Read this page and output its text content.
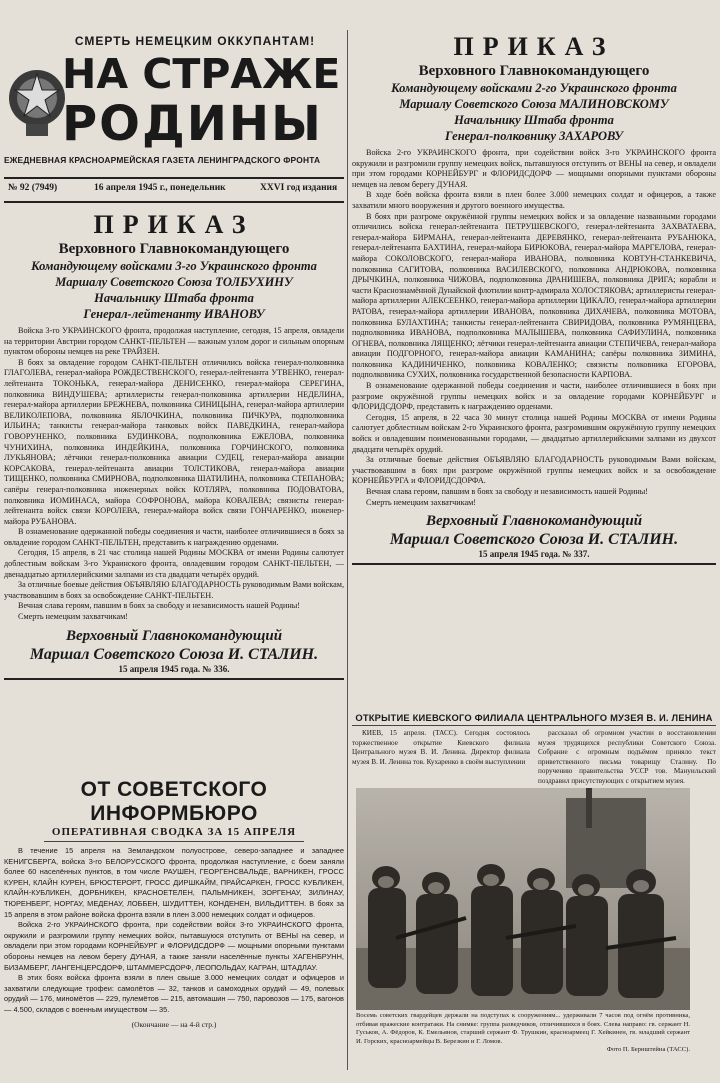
СМЕРТЬ НЕМЕЦКИМ ОККУПАНТАМ!
НА СТРАЖЕ
РОДИНЫ
ЕЖЕДНЕВНАЯ КРАСНОАРМЕЙСКАЯ ГАЗЕТА ЛЕНИНГРАДСКОГО ФРОНТА
№ 92 (7949)	16 апреля 1945 г., понедельник	XXVI год издания
ПРИКАЗ
Верховного Главнокомандующего
Командующему войсками 3-го Украинского фронта
Маршалу Советского Союза ТОЛБУХИНУ
Начальнику Штаба фронта
Генерал-лейтенанту ИВАНОВУ

Войска 3-го УКРАИНСКОГО фронта, продолжая наступление, сегодня, 15 апреля, овладели на территории Австрии городом САНКТ-ПЕЛЬТЕН — важным узлом дорог и сильным опорным пунктом обороны немцев на реке ТРАЙЗЕН.

В боях за овладение городом САНКТ-ПЕЛЬТЕН отличились войска генерал-полковника ГЛАГОЛЕВА, генерал-майора РОЖДЕСТВЕНСКОГО, генерал-лейтенанта УТВЕНКО, генерал-лейтенанта ТОКОНЬКА, генерал-майора ДЕНИСЕНКО, генерал-майора СЕРЕГИНА, полковника ВИНДУШЕВА; артиллеристы генерал-полковника артиллерии НЕДЕЛИНА, генерал-майора артиллерии БРЕЖНЕВА, полковника СИНИЦЫНА, генерал-майора артиллерии ВЕЛИКОЛЕПОВА, полковника ЯБЛОЧКИНА, полковника ПИЧКУРА, подполковника ИЛЬИНА; танкисты генерал-майора танковых войск ПАВЕДКИНА, генерал-майора ГОВОРУНЕНКО, полковника БУДИНКОВА, подполковника ЕЖЕЛОВА, полковника ЧУНИХИНА, полковника ИНДЕЙКИНА, полковника ГОРЧИНСКОГО, полковника ЛУКЬЯНОВА; лётчики генерал-полковника авиации СУДЕЦ, генерал-майора авиации КОРСАКОВА, генерал-лейтенанта авиации ТОЛСТИКОВА, генерал-майора авиации ТИЩЕНКО, полковника СМИРНОВА, подполковника ШАТИЛИНА, полковника СТЕПАНОВА; сапёры генерал-полковника инженерных войск КОТЛЯРА, полковника ПОДОВАТОВА, полковника ИОМИНАСА, майора СОФРОНОВА, майора КОВАЛЕВА; связисты генерал-лейтенанта войск связи КОРОЛЕВА, генерал-майора войск связи ГОНЧАРЕНКО, инженер-майора РУБАНОВА.

В ознаменование одержанной победы соединения и части, наиболее отличившиеся в боях за овладение городом САНКТ-ПЕЛЬТЕН, представить к награждению орденами.

Сегодня, 15 апреля, в 21 час столица нашей Родины МОСКВА от имени Родины салютует доблестным войскам 3-го Украинского фронта, овладевшим городом САНКТ-ПЕЛЬТЕН, — двенадцатью артиллерийскими залпами из ста двадцати четырёх орудий.

За отличные боевые действия ОБЪЯВЛЯЮ БЛАГОДАРНОСТЬ руководимым Вами войскам, участвовавшим в боях за освобождение САНКТ-ПЕЛЬТЕН.

Вечная слава героям, павшим в боях за свободу и независимость нашей Родины!

Смерть немецким захватчикам!

Верховный Главнокомандующий
Маршал Советского Союза И. СТАЛИН.
15 апреля 1945 года. № 336.
ОТ СОВЕТСКОГО ИНФОРМБЮРО
ОПЕРАТИВНАЯ СВОДКА ЗА 15 АПРЕЛЯ

В течение 15 апреля на Земландском полуострове, северо-западнее и западнее КЕНИГСБЕРГА, войска 3-го БЕЛОРУССКОГО фронта, продолжая наступление, с боем заняли более 60 населённых пунктов, в том числе РАУШЕН, ГЕОРГЕНСВАЛЬДЕ, ВАРНИКЕН, ГРОСС КУРЕН, КЛАЙН КУРЕН, БРЮСТЕРОРТ, ГРОСС ДИРШКАЙМ, ПРАЙСАРКЕН, ГРОСС КУБЛИКЕН, КЛАЙН-КУБЛИКЕН, ДОРБНИКЕН, КРАСНОЕТЕЛЕН, ПАЛЬМНИКЕН, ЗОРГЕНАУ, ЗИЛИНАУ, ТЮРЕНБЕРГ, НОРГАУ, МЕДЕНАУ, ЛОББЕН, ШУДИТТЕН, КОНДЕНЕН, ВИЛЬДИТТЕН. В боях за 15 апреля в этом районе войска фронта взяли в плен 3.000 немецких солдат и офицеров.

Войска 2-го УКРАИНСКОГО фронта, при содействии войск 3-го УКРАИНСКОГО фронта, окружили и разгромили группу немецких войск, пытавшуюся отступить от ВЕНЫ на север, и овладели при этом городами КОРНЕЙБУРГ и ФЛОРИДСДОРФ — мощными опорными пунктами обороны немцев на левом берегу ДУНАЯ, а также заняли населённые пункты ХАГЕНБРУНН, БИЗАМБЕРГ, ЛАНГЕНЦЕРСДОРФ, ШТАММЕРСДОРФ, ЛЕОПОЛЬДАУ, КАГРАН, ШТАДЛАУ.

В этих боях войска фронта взяли в плен свыше 3.000 немецких солдат и офицеров и захватили следующие трофеи: самолётов — 32, танков и самоходных орудий — 49, полевых орудий — 176, миномётов — 229, пулемётов — 215, автомашин — 750, паровозов — 175, вагонов — 4.500, складов с военным имуществом — 35.

(Окончание — на 4-й стр.)
ПРИКАЗ
Верховного Главнокомандующего
Командующему войсками 2-го Украинского фронта
Маршалу Советского Союза МАЛИНОВСКОМУ
Начальнику Штаба фронта
Генерал-полковнику ЗАХАРОВУ

Войска 2-го УКРАИНСКОГО фронта, при содействии войск 3-го УКРАИНСКОГО фронта окружили и разгромили группу немецких войск, пытавшуюся отступить от ВЕНЫ на север, и овладели при этом городами КОРНЕЙБУРГ и ФЛОРИДСДОРФ — мощными опорными пунктами обороны немцев на левом берегу ДУНАЯ.

В ходе боёв войска фронта взяли в плен более 3.000 немецких солдат и офицеров, а также захватили много вооружения и другого военного имущества.

В боях при разгроме окружённой группы немецких войск и за овладение названными городами отличились войска генерал-лейтенанта ПЕТРУШЕВСКОГО, генерал-лейтенанта ЗАХВАТАЕВА, генерал-майора БИРМАНА, генерал-лейтенанта ДЕРЕВЯНКО, генерал-лейтенанта РУБАНЮКА, генерал-лейтенанта БАХТИНА, генерал-майора БИРЮКОВА, генерал-майора МАРГЕЛОВА, генерал-майора СОКОЛОВСКОГО, генерал-майора ИВАНОВА, полковника КОВТУН-СТАНКЕВИЧА, полковника САГИТОВА, полковника ВАСИЛЕВСКОГО, полковника АНДРЮКОВА, полковника ДРЫЧКИНА, полковника ЧИЖОВА, подполковника ДРАНИШЕВА, полковника ДРИГА; корабли и части Краснознамённой Дунайской флотилии контр-адмирала ХОЛОСТЯКОВА; артиллеристы генерал-майора артиллерии АЛЕКСЕЕНКО, генерал-майора артиллерии ЦИКАЛО, генерал-майора артиллерии РАТОВА, генерал-майора артиллерии ИВАНОВА, полковника ДИХАЧЕВА, полковника МОТОВА, полковника БУЛАХТИНА; танкисты генерал-лейтенанта СВИРИДОВА, полковника РУМЯНЦЕВА, подполковника ИВАНОВА, подполковника МАЛЫШЕВА, полковника САФИУЛИНА, полковника ОГНЕВА, полковника ЛЯЩЕНКО; лётчики генерал-лейтенанта авиации СТЕПИЧЕВА, генерал-майора авиации ПОДГОРНОГО, генерал-майора авиации КАМАНИНА; сапёры полковника ЗИМИНА, полковника КАДИНИЧЕНКО, полковника КОВАЛЕНКО; связисты полковника ЕГОРОВА, подполковника СУХИХ, полковника государственной безопасности КАРПОВА.

В ознаменование одержанной победы соединения и части, наиболее отличившиеся в боях при разгроме окружённой группы немецких войск и за овладение городами КОРНЕЙБУРГ и ФЛОРИДСДОРФ, представить к награждению орденами.

Сегодня, 15 апреля, в 22 часа 30 минут столица нашей Родины МОСКВА от имени Родины салютует доблестным войскам 2-го Украинского фронта, разгромившим окружённую группу немецких войск и овладевшим поименованными городами, — двадцатью артиллерийскими залпами из двухсот двадцати четырёх орудий.

За отличные боевые действия ОБЪЯВЛЯЮ БЛАГОДАРНОСТЬ руководимым Вами войскам, участвовавшим в боях при разгроме окружённой группы немецких войск и за освобождение КОРНЕЙБУРГА и ФЛОРИДСДОРФА.

Вечная слава героям, павшим в боях за свободу и независимость нашей Родины!

Смерть немецким захватчикам!

Верховный Главнокомандующий
Маршал Советского Союза И. СТАЛИН.
15 апреля 1945 года. № 337.
ОТКРЫТИЕ КИЕВСКОГО ФИЛИАЛА ЦЕНТРАЛЬНОГО МУЗЕЯ В. И. ЛЕНИНА

КИЕВ, 15 апреля. (ТАСС). Сегодня состоялось торжественное открытие Киевского филиала Центрального музея В. И. Ленина. Директор филиала музея В. И. Ленина тов. Кухаренко в своём выступлении

рассказал об огромном участии в восстановлении музея трудящихся республики Советского Союза. Собрание с огромным подъёмом приняло текст приветственного письма товарищу Сталину. По поручению правительства УССР тов. Мануильский поздравил присутствующих с открытием музея.

Восемь советских гвардейцев держали на подступах к сооружениям... удерживали 7 часов под огнём противника, отбивая вражеские контратаки. На снимке: группа разведчиков, отличившихся в боях. Слева направо: гв. сержант Н. Гуськов, А. Фёдоров, К. Емельянов, старший сержант Ф. Трушкин, красноармеец Г. Хейкинен, гв. младший сержант И. Горских, красноармейцы В. Березкин и Г. Ломов.
Фото П. Бернштейна (ТАСС).
